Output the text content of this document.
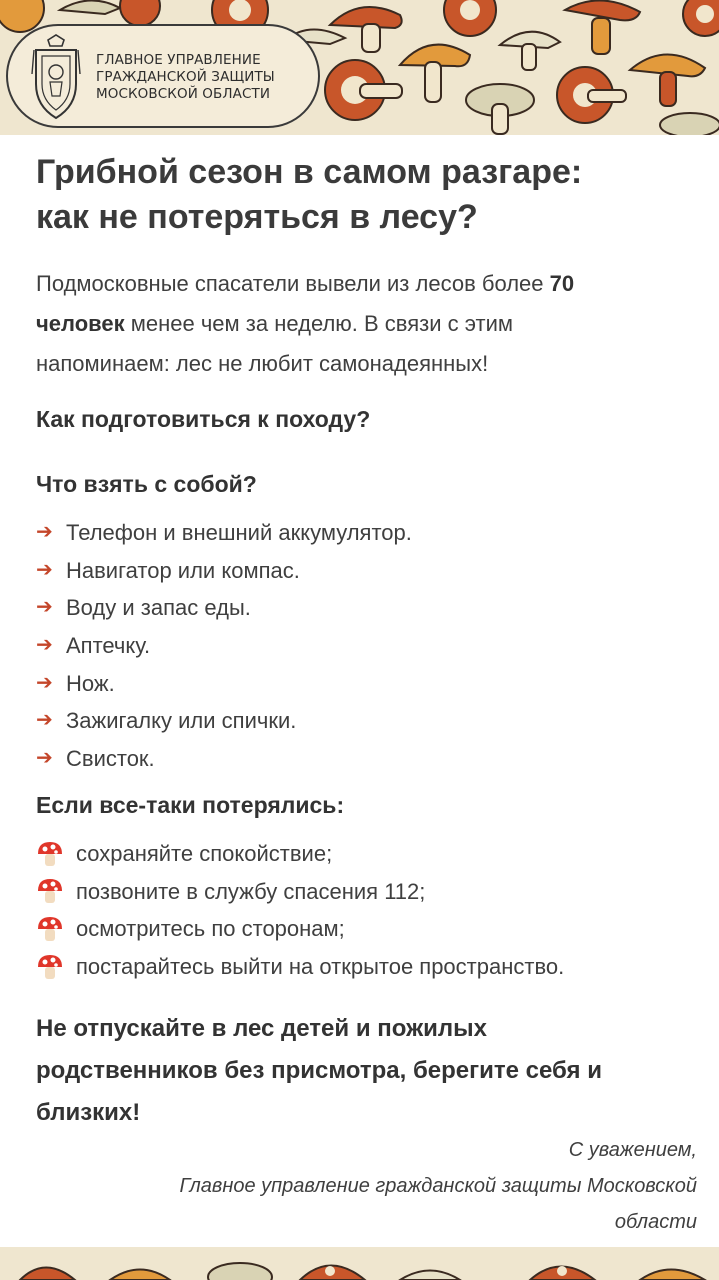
ГЛАВНОЕ УПРАВЛЕНИЕ
ГРАЖДАНСКОЙ ЗАЩИТЫ
МОСКОВСКОЙ ОБЛАСТИ
Грибной сезон в самом разгаре:
как не потеряться в лесу?

Подмосковные спасатели вывели из лесов более 70
человек менее чем за неделю. В связи с этим
напоминаем: лес не любит самонадеянных!

Как подготовиться к походу?

Что взять с собой?

➔ Телефон и внешний аккумулятор.
➔ Навигатор или компас.
➔ Воду и запас еды.
➔ Аптечку.
➔ Нож.
➔ Зажигалку или спички.
➔ Свисток.

Если все-таки потерялись:

сохраняйте спокойствие;
позвоните в службу спасения 112;
осмотритесь по сторонам;
постарайтесь выйти на открытое пространство.

Не отпускайте в лес детей и пожилых
родственников без присмотра, берегите себя и
близких!

С уважением,
Главное управление гражданской защиты Московской
области
